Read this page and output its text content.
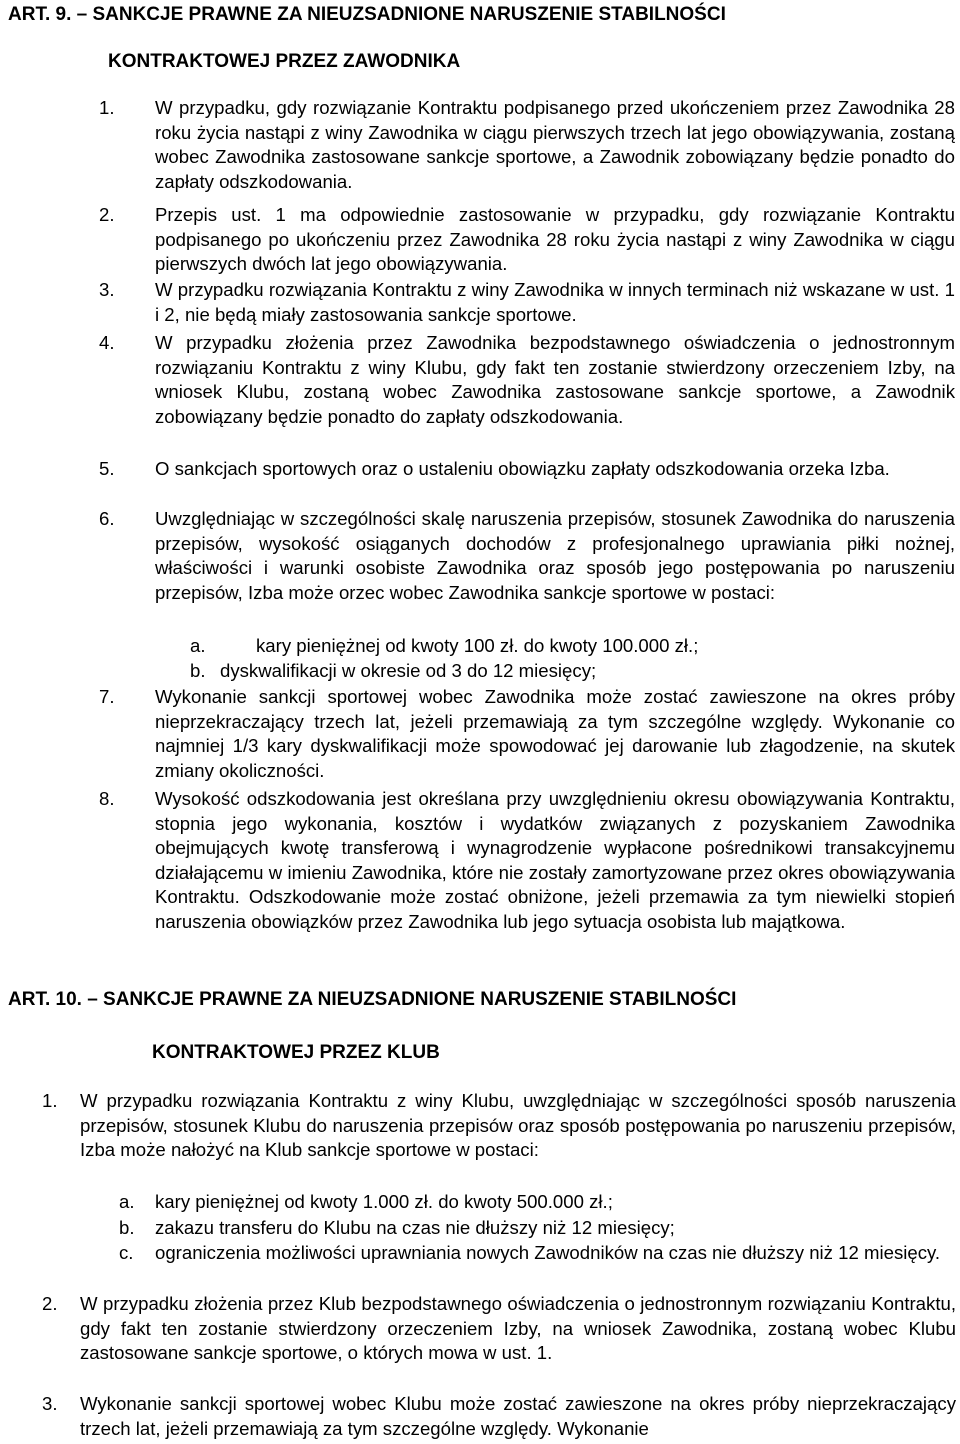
ART. 9. – SANKCJE PRAWNE ZA NIEUZSADNIONE NARUSZENIE STABILNOŚCI
KONTRAKTOWEJ PRZEZ ZAWODNIKA
1. W przypadku, gdy rozwiązanie Kontraktu podpisanego przed ukończeniem przez Zawodnika 28 roku życia nastąpi z winy Zawodnika w ciągu pierwszych trzech lat jego obowiązywania, zostaną wobec Zawodnika zastosowane sankcje sportowe, a Zawodnik zobowiązany będzie ponadto do zapłaty odszkodowania.
2. Przepis ust. 1 ma odpowiednie zastosowanie w przypadku, gdy rozwiązanie Kontraktu podpisanego po ukończeniu przez Zawodnika 28 roku życia nastąpi z winy Zawodnika w ciągu pierwszych dwóch lat jego obowiązywania.
3. W przypadku rozwiązania Kontraktu z winy Zawodnika w innych terminach niż wskazane w ust. 1 i 2, nie będą miały zastosowania sankcje sportowe.
4. W przypadku złożenia przez Zawodnika bezpodstawnego oświadczenia o jednostronnym rozwiązaniu Kontraktu z winy Klubu, gdy fakt ten zostanie stwierdzony orzeczeniem Izby, na wniosek Klubu, zostaną wobec Zawodnika zastosowane sankcje sportowe, a Zawodnik zobowiązany będzie ponadto do zapłaty odszkodowania.
5. O sankcjach sportowych oraz o ustaleniu obowiązku zapłaty odszkodowania orzeka Izba.
6. Uwzględniając w szczególności skalę naruszenia przepisów, stosunek Zawodnika do naruszenia przepisów, wysokość osiąganych dochodów z profesjonalnego uprawiania piłki nożnej, właściwości i warunki osobiste Zawodnika oraz sposób jego postępowania po naruszeniu przepisów, Izba może orzec wobec Zawodnika sankcje sportowe w postaci:
a.	kary pieniężnej od kwoty 100 zł. do kwoty 100.000 zł.;
b. dyskwalifikacji w okresie od 3 do 12 miesięcy;
7. Wykonanie sankcji sportowej wobec Zawodnika może zostać zawieszone na okres próby nieprzekraczający trzech lat, jeżeli przemawiają za tym szczególne względy. Wykonanie co najmniej 1/3 kary dyskwalifikacji może spowodować jej darowanie lub złagodzenie, na skutek zmiany okoliczności.
8. Wysokość odszkodowania jest określana przy uwzględnieniu okresu obowiązywania Kontraktu, stopnia jego wykonania, kosztów i wydatków związanych z pozyskaniem Zawodnika obejmujących kwotę transferową i wynagrodzenie wypłacone pośrednikowi transakcyjnemu działającemu w imieniu Zawodnika, które nie zostały zamortyzowane przez okres obowiązywania Kontraktu. Odszkodowanie może zostać obniżone, jeżeli przemawia za tym niewielki stopień naruszenia obowiązków przez Zawodnika lub jego sytuacja osobista lub majątkowa.
ART. 10. – SANKCJE PRAWNE ZA NIEUZSADNIONE NARUSZENIE STABILNOŚCI
KONTRAKTOWEJ PRZEZ KLUB
1. W przypadku rozwiązania Kontraktu z winy Klubu, uwzględniając w szczególności sposób naruszenia przepisów, stosunek Klubu do naruszenia przepisów oraz sposób postępowania po naruszeniu przepisów, Izba może nałożyć na Klub sankcje sportowe w postaci:
a. kary pieniężnej od kwoty 1.000 zł. do kwoty 500.000 zł.;
b. zakazu transferu do Klubu na czas nie dłuższy niż 12 miesięcy;
c. ograniczenia możliwości uprawniania nowych Zawodników na czas nie dłuższy niż 12 miesięcy.
2. W przypadku złożenia przez Klub bezpodstawnego oświadczenia o jednostronnym rozwiązaniu Kontraktu, gdy fakt ten zostanie stwierdzony orzeczeniem Izby, na wniosek Zawodnika, zostaną wobec Klubu zastosowane sankcje sportowe, o których mowa w ust. 1.
3. Wykonanie sankcji sportowej wobec Klubu może zostać zawieszone na okres próby nieprzekraczający trzech lat, jeżeli przemawiają za tym szczególne względy. Wykonanie
